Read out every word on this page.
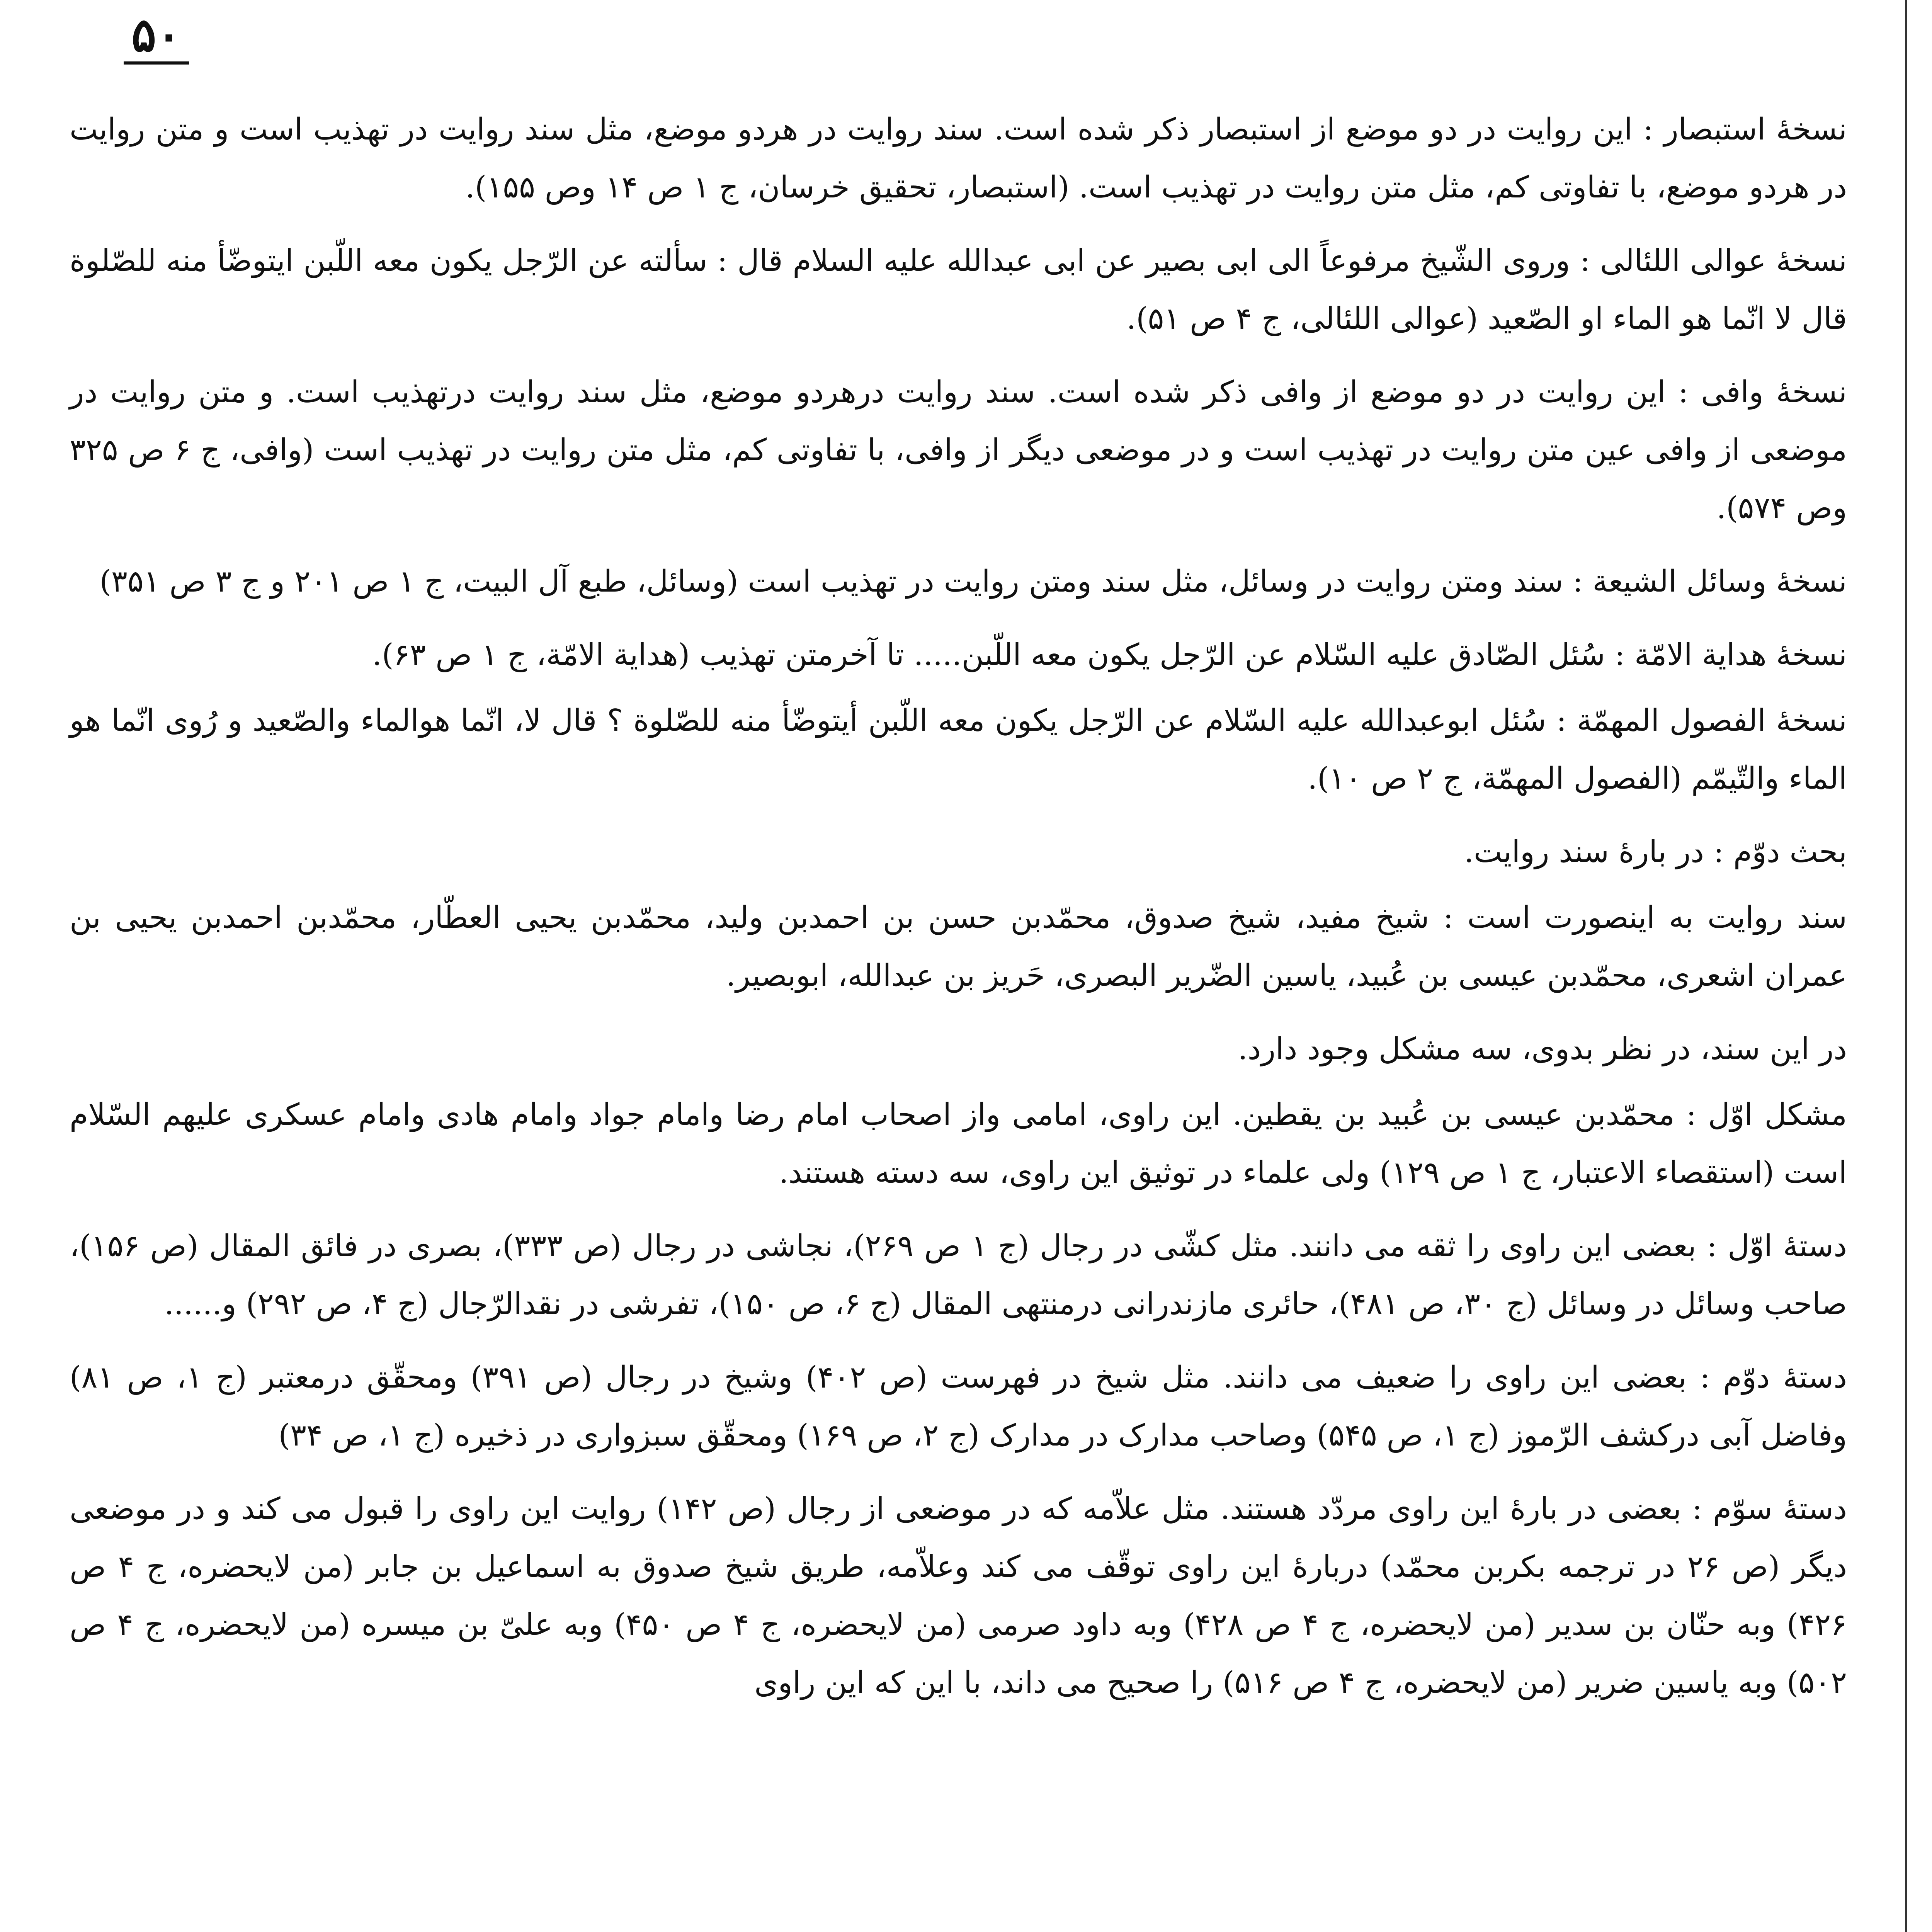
۵۰

نسخهٔ استبصار : این روایت در دو موضع از استبصار ذکر شده است. سند روایت در هردو موضع، مثل سند روایت در تهذیب است و متن روایت در هردو موضع، با تفاوتی کم، مثل متن روایت در تهذیب است. (استبصار، تحقیق خرسان، ج ۱ ص ۱۴ وص ۱۵۵).

نسخهٔ عوالی اللئالی : وروی الشّیخ مرفوعاً الی ابی بصیر عن ابی عبدالله علیه السلام قال : سألته عن الرّجل یکون معه اللّبن ایتوضّأ منه للصّلوة قال لا انّما هو الماء او الصّعید (عوالی اللئالی، ج ۴ ص ۵۱).

نسخهٔ وافی : این روایت در دو موضع از وافی ذکر شده است. سند روایت درهردو موضع، مثل سند روایت درتهذیب است. و متن روایت در موضعی از وافی عین متن روایت در تهذیب است و در موضعی دیگر از وافی، با تفاوتی کم، مثل متن روایت در تهذیب است (وافی، ج ۶ ص ۳۲۵ وص ۵۷۴).

نسخهٔ وسائل الشیعة : سند ومتن روایت در وسائل، مثل سند ومتن روایت در تهذیب است (وسائل، طبع آل البیت، ج ۱ ص ۲۰۱ و ج ۳ ص ۳۵۱)

نسخهٔ هدایة الامّة : سُئل الصّادق علیه السّلام عن الرّجل یکون معه اللّبن..... تا آخرمتن تهذیب (هدایة الامّة، ج ۱ ص ۶۳).

نسخهٔ الفصول المهمّة : سُئل ابوعبدالله علیه السّلام عن الرّجل یکون معه اللّبن أیتوضّأ منه للصّلوة ؟ قال لا، انّما هوالماء والصّعید و رُوی انّما هو الماء والتّیمّم (الفصول المهمّة، ج ۲ ص ۱۰).

بحث دوّم : در بارهٔ سند روایت.

سند روایت به اینصورت است : شیخ مفید، شیخ صدوق، محمّدبن حسن بن احمدبن ولید، محمّدبن یحیی العطّار، محمّدبن احمدبن یحیی بن عمران اشعری، محمّدبن عیسی بن عُبید، یاسین الضّریر البصری، حَریز بن عبدالله، ابوبصیر.

در این سند، در نظر بدوی، سه مشکل وجود دارد.

مشکل اوّل : محمّدبن عیسی بن عُبید بن یقطین. این راوی، امامی واز اصحاب امام رضا وامام جواد وامام هادی وامام عسکری علیهم السّلام است (استقصاء الاعتبار، ج ۱ ص ۱۲۹) ولی علماء در توثیق این راوی، سه دسته هستند.

دستهٔ اوّل : بعضی این راوی را ثقه می دانند. مثل کشّی در رجال (ج ۱ ص ۲۶۹)، نجاشی در رجال (ص ۳۳۳)، بصری در فائق المقال (ص ۱۵۶)، صاحب وسائل در وسائل (ج ۳۰، ص ۴۸۱)، حائری مازندرانی درمنتهی المقال (ج ۶، ص ۱۵۰)، تفرشی در نقدالرّجال (ج ۴، ص ۲۹۲) و......

دستهٔ دوّم : بعضی این راوی را ضعیف می دانند. مثل شیخ در فهرست (ص ۴۰۲) وشیخ در رجال (ص ۳۹۱) ومحقّق درمعتبر (ج ۱، ص ۸۱) وفاضل آبی درکشف الرّموز (ج ۱، ص ۵۴۵) وصاحب مدارک در مدارک (ج ۲، ص ۱۶۹) ومحقّق سبزواری در ذخیره (ج ۱، ص ۳۴)

دستهٔ سوّم : بعضی در بارهٔ این راوی مردّد هستند. مثل علاّمه که در موضعی از رجال (ص ۱۴۲) روایت این راوی را قبول می کند و در موضعی دیگر (ص ۲۶ در ترجمه بکربن محمّد) دربارهٔ این راوی توقّف می کند وعلاّمه، طریق شیخ صدوق به اسماعیل بن جابر (من لایحضره، ج ۴ ص ۴۲۶) وبه حنّان بن سدیر (من لایحضره، ج ۴ ص ۴۲۸) وبه داود صرمی (من لایحضره، ج ۴ ص ۴۵۰) وبه علیّ بن میسره (من لایحضره، ج ۴ ص ۵۰۲) وبه یاسین ضریر (من لایحضره، ج ۴ ص ۵۱۶) را صحیح می داند، با این که این راوی
